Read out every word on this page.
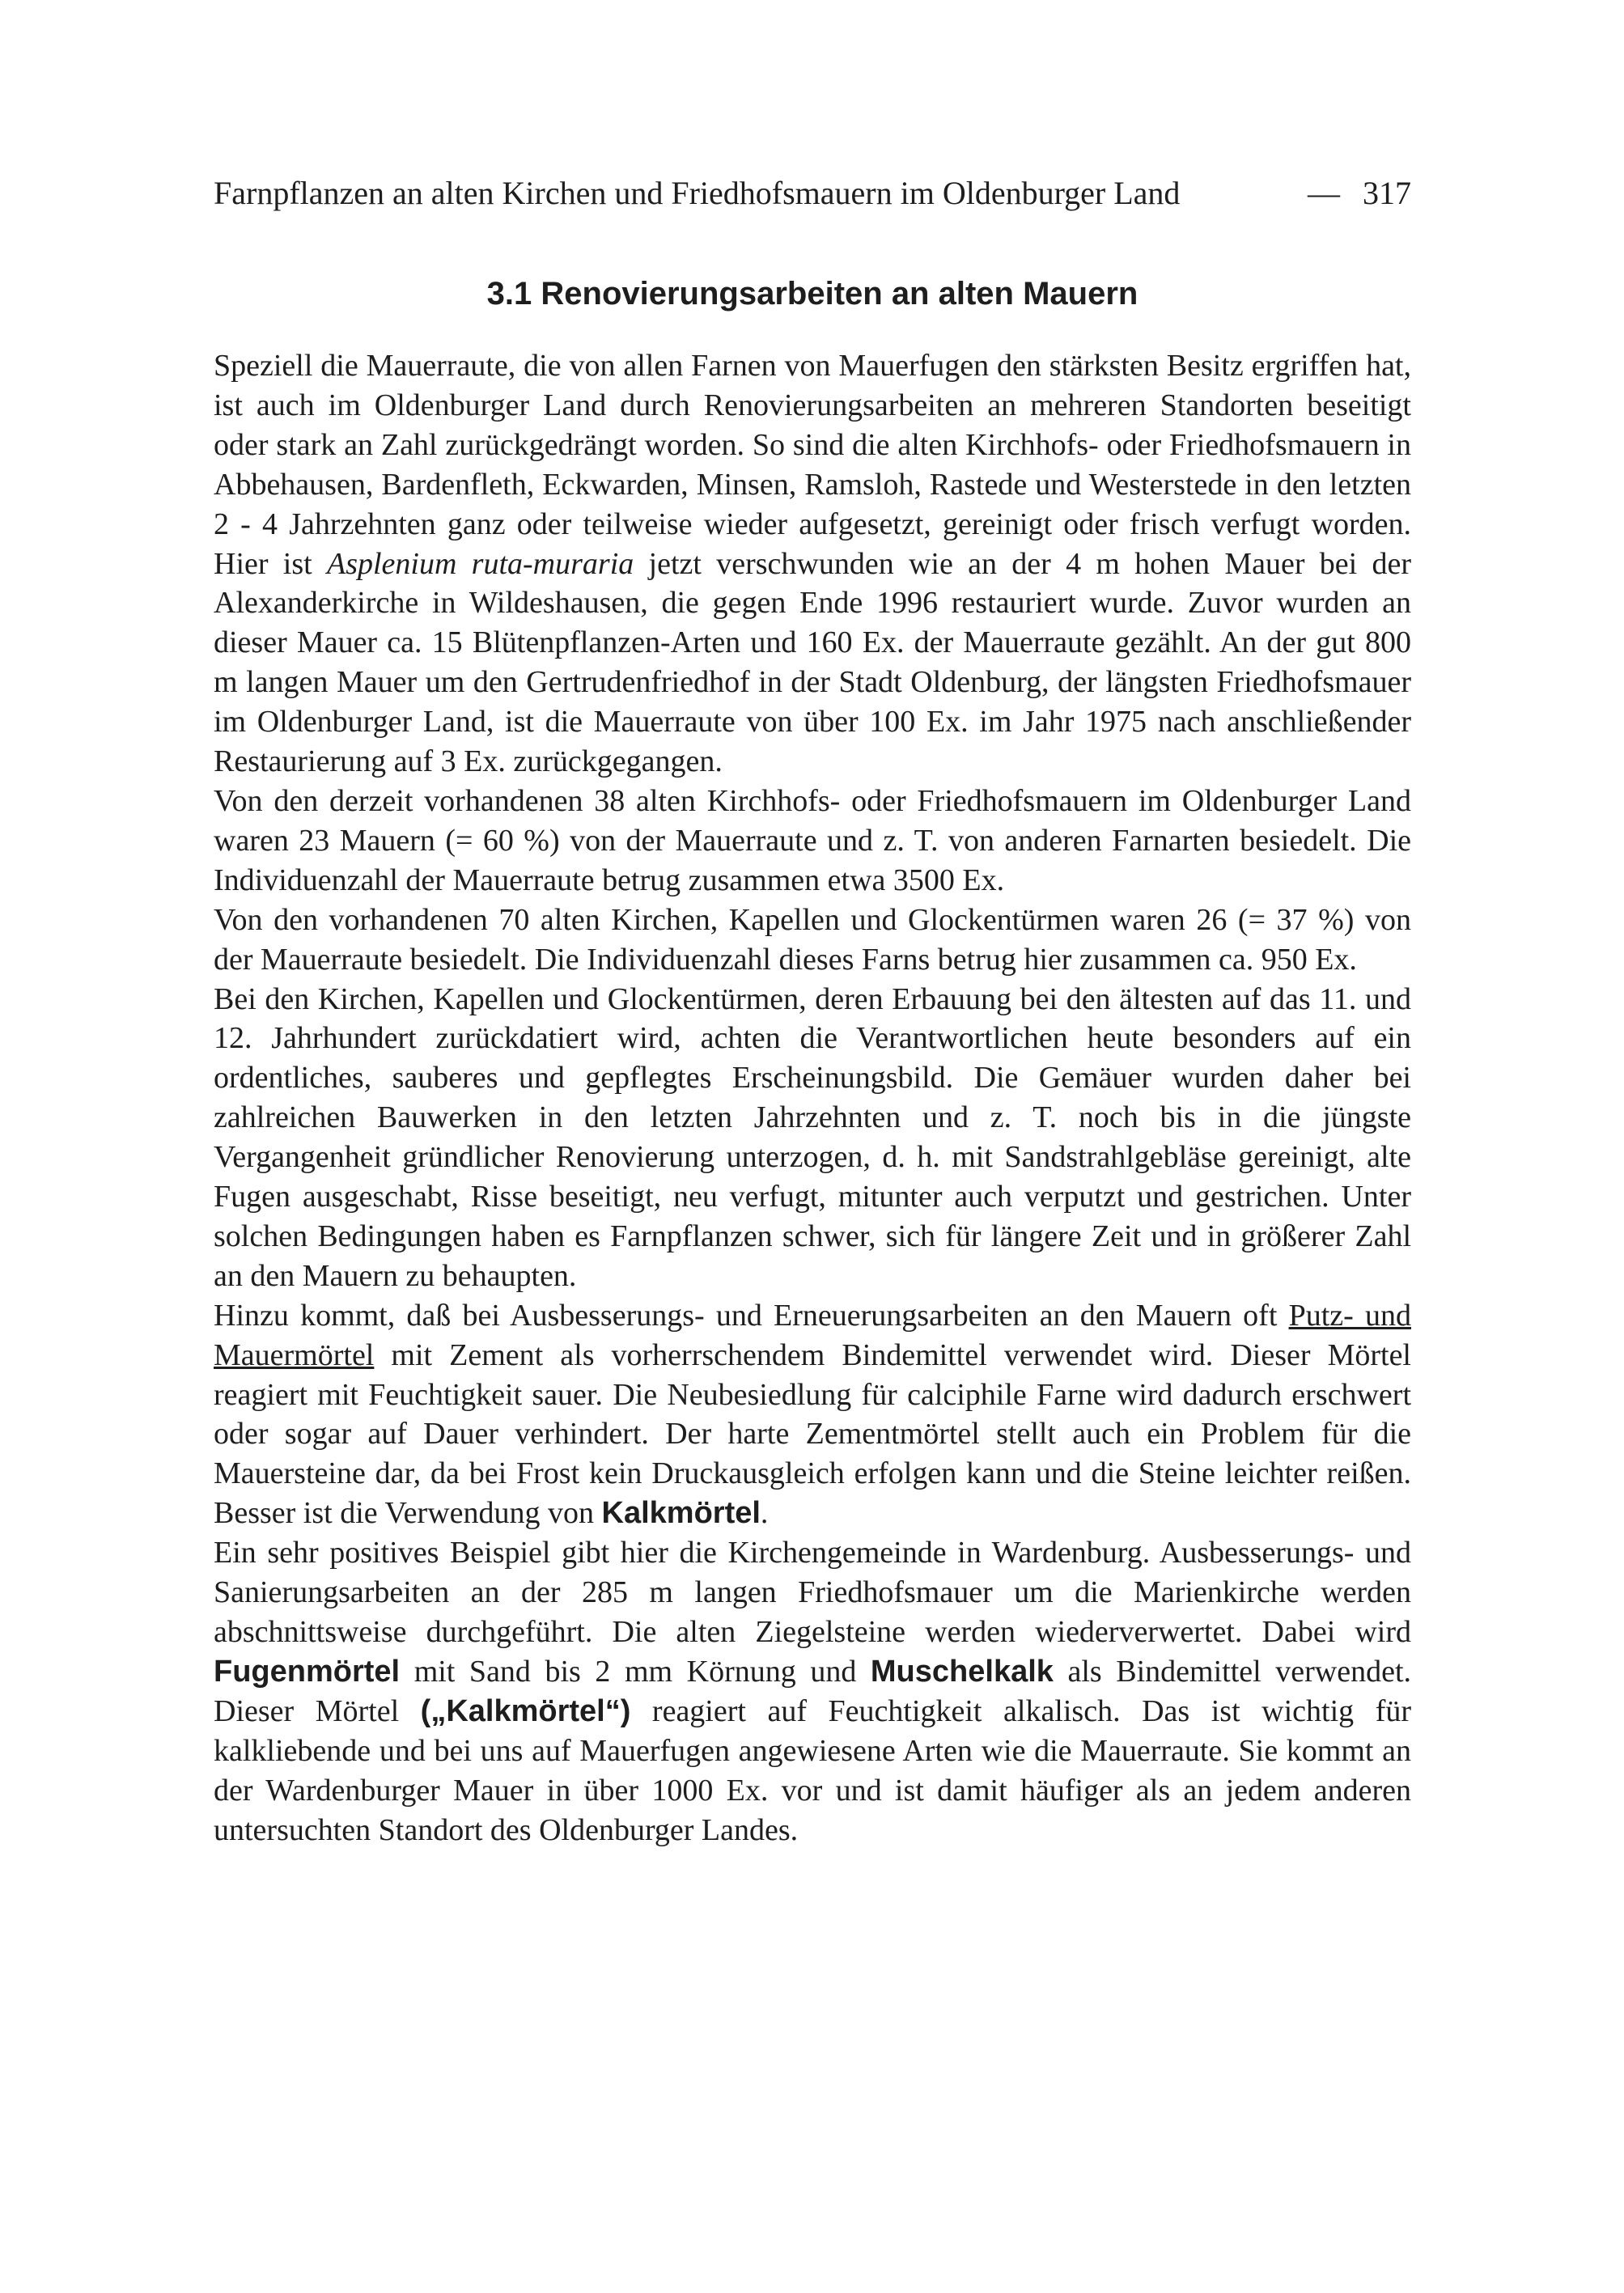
Farnpflanzen an alten Kirchen und Friedhofsmauern im Oldenburger Land	— 317
3.1 Renovierungsarbeiten an alten Mauern

Speziell die Mauerraute, die von allen Farnen von Mauerfugen den stärksten Besitz ergriffen hat, ist auch im Oldenburger Land durch Renovierungsarbeiten an mehreren Standorten beseitigt oder stark an Zahl zurückgedrängt worden. So sind die alten Kirchhofs- oder Friedhofsmauern in Abbehausen, Bardenfleth, Eckwarden, Minsen, Ramsloh, Rastede und Westerstede in den letzten 2 - 4 Jahrzehnten ganz oder teilweise wieder aufgesetzt, gereinigt oder frisch verfugt worden. Hier ist Asplenium ruta-muraria jetzt verschwunden wie an der 4 m hohen Mauer bei der Alexanderkirche in Wildeshausen, die gegen Ende 1996 restauriert wurde. Zuvor wurden an dieser Mauer ca. 15 Blütenpflanzen-Arten und 160 Ex. der Mauerraute gezählt. An der gut 800 m langen Mauer um den Gertrudenfriedhof in der Stadt Oldenburg, der längsten Friedhofsmauer im Oldenburger Land, ist die Mauerraute von über 100 Ex. im Jahr 1975 nach anschließender Restaurierung auf 3 Ex. zurückgegangen.

Von den derzeit vorhandenen 38 alten Kirchhofs- oder Friedhofsmauern im Oldenburger Land waren 23 Mauern (= 60 %) von der Mauerraute und z. T. von anderen Farnarten besiedelt. Die Individuenzahl der Mauerraute betrug zusammen etwa 3500 Ex.

Von den vorhandenen 70 alten Kirchen, Kapellen und Glockentürmen waren 26 (= 37 %) von der Mauerraute besiedelt. Die Individuenzahl dieses Farns betrug hier zusammen ca. 950 Ex.

Bei den Kirchen, Kapellen und Glockentürmen, deren Erbauung bei den ältesten auf das 11. und 12. Jahrhundert zurückdatiert wird, achten die Verantwortlichen heute besonders auf ein ordentliches, sauberes und gepflegtes Erscheinungsbild. Die Gemäuer wurden daher bei zahlreichen Bauwerken in den letzten Jahrzehnten und z. T. noch bis in die jüngste Vergangenheit gründlicher Renovierung unterzogen, d. h. mit Sandstrahlgebläse gereinigt, alte Fugen ausgeschabt, Risse beseitigt, neu verfugt, mitunter auch verputzt und gestrichen. Unter solchen Bedingungen haben es Farnpflanzen schwer, sich für längere Zeit und in größerer Zahl an den Mauern zu behaupten.

Hinzu kommt, daß bei Ausbesserungs- und Erneuerungsarbeiten an den Mauern oft Putz- und Mauermörtel mit Zement als vorherrschendem Bindemittel verwendet wird. Dieser Mörtel reagiert mit Feuchtigkeit sauer. Die Neubesiedlung für calciphile Farne wird dadurch erschwert oder sogar auf Dauer verhindert. Der harte Zementmörtel stellt auch ein Problem für die Mauersteine dar, da bei Frost kein Druckausgleich erfolgen kann und die Steine leichter reißen. Besser ist die Verwendung von Kalkmörtel.

Ein sehr positives Beispiel gibt hier die Kirchengemeinde in Wardenburg. Ausbesserungs- und Sanierungsarbeiten an der 285 m langen Friedhofsmauer um die Marienkirche werden abschnittsweise durchgeführt. Die alten Ziegelsteine werden wiederverwertet. Dabei wird Fugenmörtel mit Sand bis 2 mm Körnung und Muschelkalk als Bindemittel verwendet. Dieser Mörtel („Kalkmörtel“) reagiert auf Feuchtigkeit alkalisch. Das ist wichtig für kalkliebende und bei uns auf Mauerfugen angewiesene Arten wie die Mauerraute. Sie kommt an der Wardenburger Mauer in über 1000 Ex. vor und ist damit häufiger als an jedem anderen untersuchten Standort des Oldenburger Landes.
